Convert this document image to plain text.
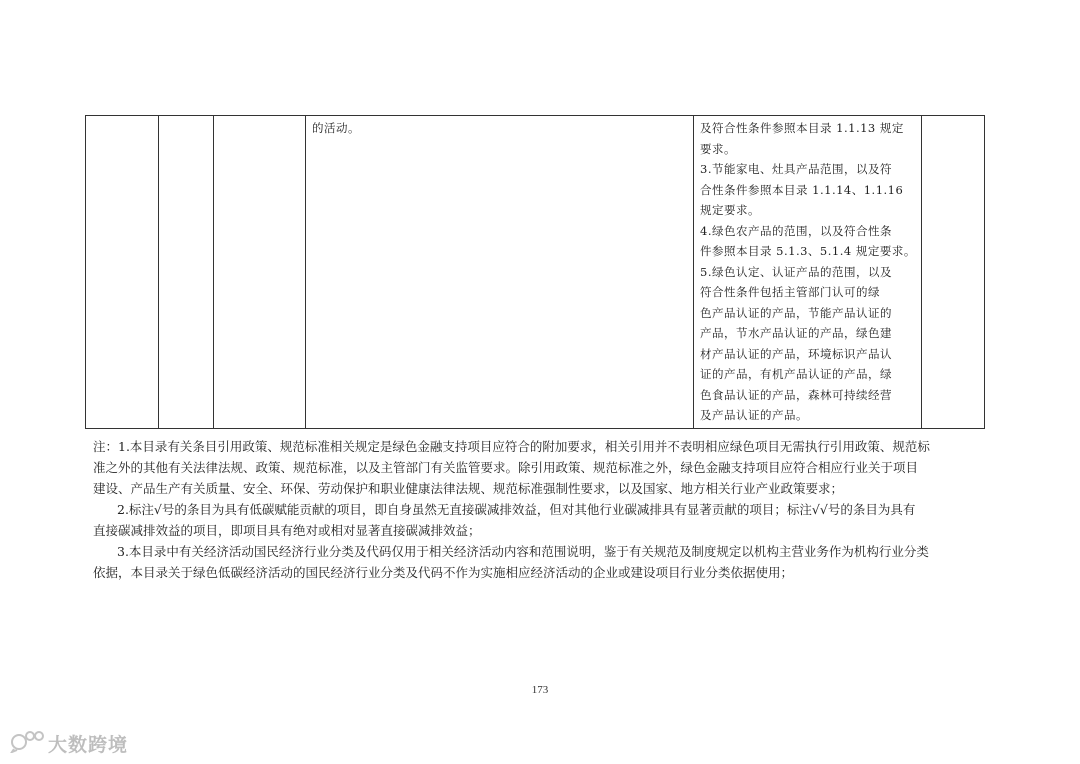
的活动。	及符合性条件参照本目录 1.1.13 规定
要求。
3.节能家电、灶具产品范围，以及符
合性条件参照本目录 1.1.14、1.1.16
规定要求。
4.绿色农产品的范围，以及符合性条
件参照本目录 5.1.3、5.1.4 规定要求。
5.绿色认定、认证产品的范围，以及
符合性条件包括主管部门认可的绿
色产品认证的产品，节能产品认证的
产品，节水产品认证的产品，绿色建
材产品认证的产品，环境标识产品认
证的产品，有机产品认证的产品，绿
色食品认证的产品，森林可持续经营
及产品认证的产品。

注：1.本目录有关条目引用政策、规范标准相关规定是绿色金融支持项目应符合的附加要求，相关引用并不表明相应绿色项目无需执行引用政策、规范标

准之外的其他有关法律法规、政策、规范标准，以及主管部门有关监管要求。除引用政策、规范标准之外，绿色金融支持项目应符合相应行业关于项目

建设、产品生产有关质量、安全、环保、劳动保护和职业健康法律法规、规范标准强制性要求，以及国家、地方相关行业产业政策要求；

2.标注√号的条目为具有低碳赋能贡献的项目，即自身虽然无直接碳减排效益，但对其他行业碳减排具有显著贡献的项目；标注√√号的条目为具有

直接碳减排效益的项目，即项目具有绝对或相对显著直接碳减排效益；

3.本目录中有关经济活动国民经济行业分类及代码仅用于相关经济活动内容和范围说明，鉴于有关规范及制度规定以机构主营业务作为机构行业分类

依据，本目录关于绿色低碳经济活动的国民经济行业分类及代码不作为实施相应经济活动的企业或建设项目行业分类依据使用；

173
大数跨境
